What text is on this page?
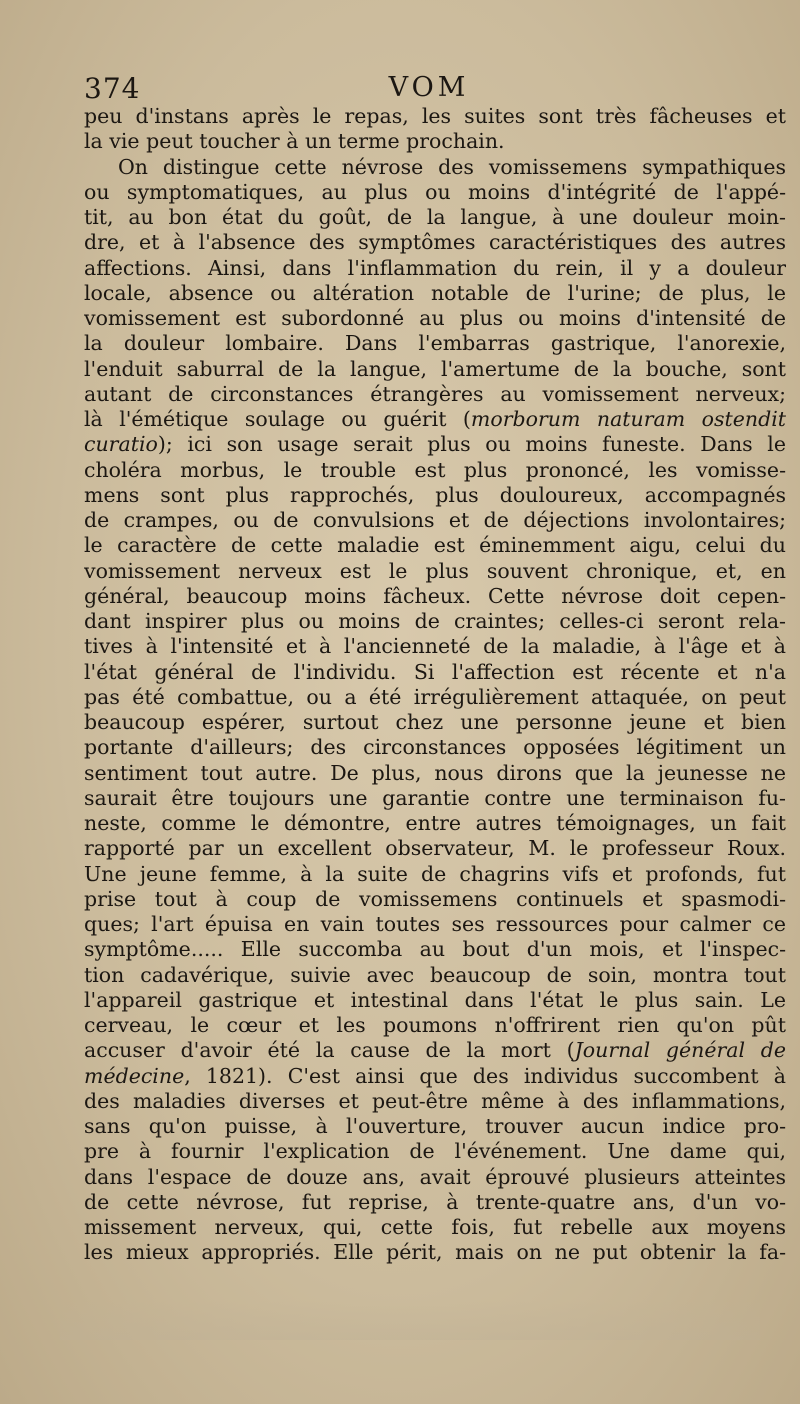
374	VOM
peu d'instans après le repas, les suites sont très fâcheuses et
la vie peut toucher à un terme prochain.
On distingue cette névrose des vomissemens sympathiques
ou symptomatiques, au plus ou moins d'intégrité de l'appé-
tit, au bon état du goût, de la langue, à une douleur moin-
dre, et à l'absence des symptômes caractéristiques des autres
affections. Ainsi, dans l'inflammation du rein, il y a douleur
locale, absence ou altération notable de l'urine; de plus, le
vomissement est subordonné au plus ou moins d'intensité de
la douleur lombaire. Dans l'embarras gastrique, l'anorexie,
l'enduit saburral de la langue, l'amertume de la bouche, sont
autant de circonstances étrangères au vomissement nerveux;
là l'émétique soulage ou guérit (morborum naturam ostendit
curatio); ici son usage serait plus ou moins funeste. Dans le
choléra morbus, le trouble est plus prononcé, les vomisse-
mens sont plus rapprochés, plus douloureux, accompagnés
de crampes, ou de convulsions et de déjections involontaires;
le caractère de cette maladie est éminemment aigu, celui du
vomissement nerveux est le plus souvent chronique, et, en
général, beaucoup moins fâcheux. Cette névrose doit cepen-
dant inspirer plus ou moins de craintes; celles-ci seront rela-
tives à l'intensité et à l'ancienneté de la maladie, à l'âge et à
l'état général de l'individu. Si l'affection est récente et n'a
pas été combattue, ou a été irrégulièrement attaquée, on peut
beaucoup espérer, surtout chez une personne jeune et bien
portante d'ailleurs; des circonstances opposées légitiment un
sentiment tout autre. De plus, nous dirons que la jeunesse ne
saurait être toujours une garantie contre une terminaison fu-
neste, comme le démontre, entre autres témoignages, un fait
rapporté par un excellent observateur, M. le professeur Roux.
Une jeune femme, à la suite de chagrins vifs et profonds, fut
prise tout à coup de vomissemens continuels et spasmodi-
ques; l'art épuisa en vain toutes ses ressources pour calmer ce
symptôme..... Elle succomba au bout d'un mois, et l'inspec-
tion cadavérique, suivie avec beaucoup de soin, montra tout
l'appareil gastrique et intestinal dans l'état le plus sain. Le
cerveau, le cœur et les poumons n'offrirent rien qu'on pût
accuser d'avoir été la cause de la mort (Journal général de
médecine, 1821). C'est ainsi que des individus succombent à
des maladies diverses et peut-être même à des inflammations,
sans qu'on puisse, à l'ouverture, trouver aucun indice pro-
pre à fournir l'explication de l'événement. Une dame qui,
dans l'espace de douze ans, avait éprouvé plusieurs atteintes
de cette névrose, fut reprise, à trente-quatre ans, d'un vo-
missement nerveux, qui, cette fois, fut rebelle aux moyens
les mieux appropriés. Elle périt, mais on ne put obtenir la fa-
